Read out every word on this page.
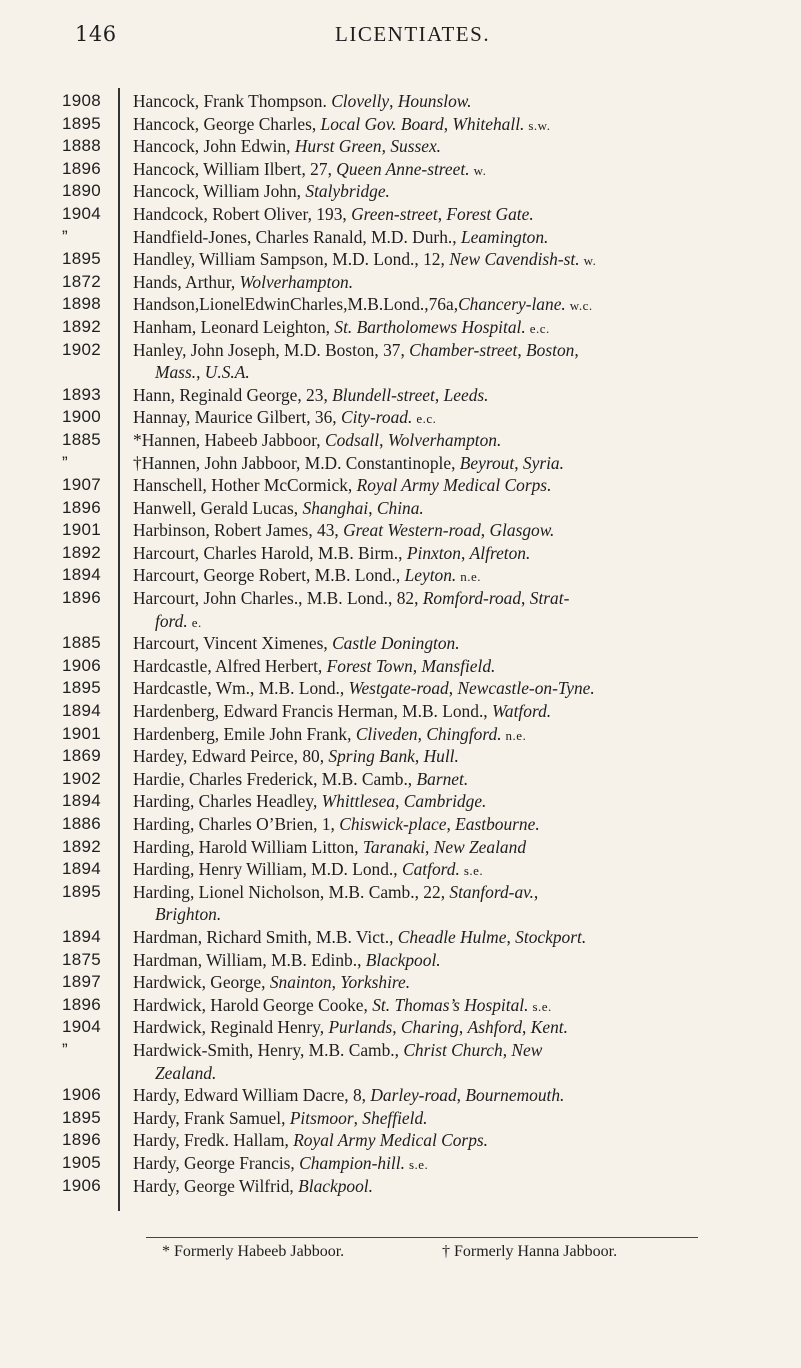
146	LICENTIATES.
1908	Hancock, Frank Thompson. Clovelly, Hounslow.
1895	Hancock, George Charles, Local Gov. Board, Whitehall. s.w.
1888	Hancock, John Edwin, Hurst Green, Sussex.
1896	Hancock, William Ilbert, 27, Queen Anne-street. w.
1890	Hancock, William John, Stalybridge.
1904	Handcock, Robert Oliver, 193, Green-street, Forest Gate.
”	Handfield-Jones, Charles Ranald, M.D. Durh., Leamington.
1895	Handley, William Sampson, M.D. Lond., 12, New Cavendish-st. w.
1872	Hands, Arthur, Wolverhampton.
1898	Handson,LionelEdwinCharles,M.B.Lond.,76a,Chancery-lane. w.c.
1892	Hanham, Leonard Leighton, St. Bartholomews Hospital. e.c.
1902	Hanley, John Joseph, M.D. Boston, 37, Chamber-street, Boston,
Mass., U.S.A.
1893	Hann, Reginald George, 23, Blundell-street, Leeds.
1900	Hannay, Maurice Gilbert, 36, City-road. e.c.
1885	*Hannen, Habeeb Jabboor, Codsall, Wolverhampton.
”	†Hannen, John Jabboor, M.D. Constantinople, Beyrout, Syria.
1907	Hanschell, Hother McCormick, Royal Army Medical Corps.
1896	Hanwell, Gerald Lucas, Shanghai, China.
1901	Harbinson, Robert James, 43, Great Western-road, Glasgow.
1892	Harcourt, Charles Harold, M.B. Birm., Pinxton, Alfreton.
1894	Harcourt, George Robert, M.B. Lond., Leyton. n.e.
1896	Harcourt, John Charles., M.B. Lond., 82, Romford-road, Strat-
ford. e.
1885	Harcourt, Vincent Ximenes, Castle Donington.
1906	Hardcastle, Alfred Herbert, Forest Town, Mansfield.
1895	Hardcastle, Wm., M.B. Lond., Westgate-road, Newcastle-on-Tyne.
1894	Hardenberg, Edward Francis Herman, M.B. Lond., Watford.
1901	Hardenberg, Emile John Frank, Cliveden, Chingford. n.e.
1869	Hardey, Edward Peirce, 80, Spring Bank, Hull.
1902	Hardie, Charles Frederick, M.B. Camb., Barnet.
1894	Harding, Charles Headley, Whittlesea, Cambridge.
1886	Harding, Charles O’Brien, 1, Chiswick-place, Eastbourne.
1892	Harding, Harold William Litton, Taranaki, New Zealand
1894	Harding, Henry William, M.D. Lond., Catford. s.e.
1895	Harding, Lionel Nicholson, M.B. Camb., 22, Stanford-av.,
Brighton.
1894	Hardman, Richard Smith, M.B. Vict., Cheadle Hulme, Stockport.
1875	Hardman, William, M.B. Edinb., Blackpool.
1897	Hardwick, George, Snainton, Yorkshire.
1896	Hardwick, Harold George Cooke, St. Thomas’s Hospital. s.e.
1904	Hardwick, Reginald Henry, Purlands, Charing, Ashford, Kent.
”	Hardwick-Smith, Henry, M.B. Camb., Christ Church, New
Zealand.
1906	Hardy, Edward William Dacre, 8, Darley-road, Bournemouth.
1895	Hardy, Frank Samuel, Pitsmoor, Sheffield.
1896	Hardy, Fredk. Hallam, Royal Army Medical Corps.
1905	Hardy, George Francis, Champion-hill. s.e.
1906	Hardy, George Wilfrid, Blackpool.
* Formerly Habeeb Jabboor.	† Formerly Hanna Jabboor.
